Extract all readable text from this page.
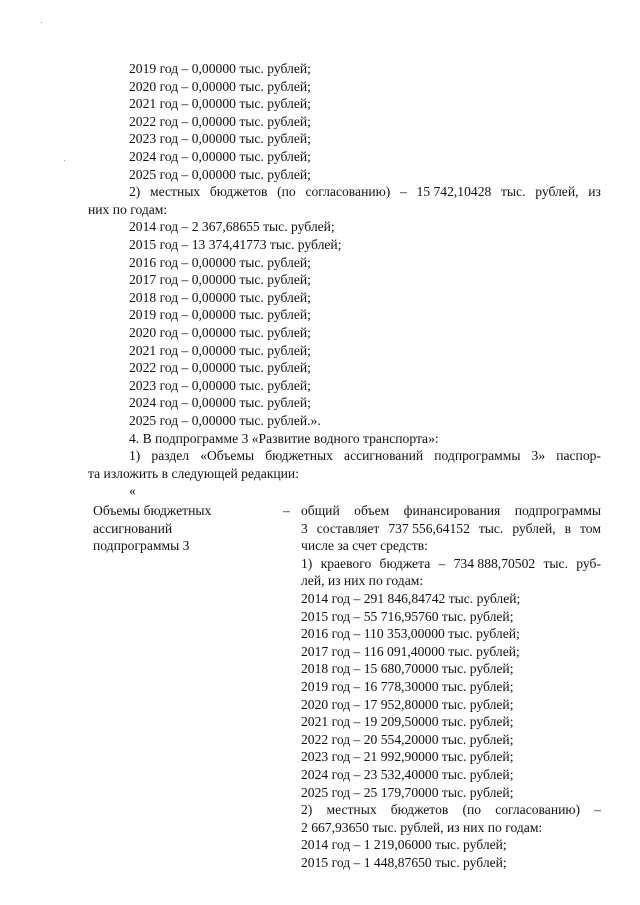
2019 год – 0,00000 тыс. рублей;
2020 год – 0,00000 тыс. рублей;
2021 год – 0,00000 тыс. рублей;
2022 год – 0,00000 тыс. рублей;
2023 год – 0,00000 тыс. рублей;
2024 год – 0,00000 тыс. рублей;
2025 год – 0,00000 тыс. рублей;
2) местных бюджетов (по согласованию) – 15 742,10428 тыс. рублей, из
них по годам:
2014 год – 2 367,68655 тыс. рублей;
2015 год – 13 374,41773 тыс. рублей;
2016 год – 0,00000 тыс. рублей;
2017 год – 0,00000 тыс. рублей;
2018 год – 0,00000 тыс. рублей;
2019 год – 0,00000 тыс. рублей;
2020 год – 0,00000 тыс. рублей;
2021 год – 0,00000 тыс. рублей;
2022 год – 0,00000 тыс. рублей;
2023 год – 0,00000 тыс. рублей;
2024 год – 0,00000 тыс. рублей;
2025 год – 0,00000 тыс. рублей.».
4. В подпрограмме 3 «Развитие водного транспорта»:
1) раздел «Объемы бюджетных ассигнований подпрограммы 3» паспор-
та изложить в следующей редакции:
«
Объемы бюджетных
ассигнований
подпрограммы 3
– общий объем финансирования подпрограммы
3 составляет 737 556,64152 тыс. рублей, в том
числе за счет средств:
1) краевого бюджета – 734 888,70502 тыс. руб-
лей, из них по годам:
2014 год – 291 846,84742 тыс. рублей;
2015 год – 55 716,95760 тыс. рублей;
2016 год – 110 353,00000 тыс. рублей;
2017 год – 116 091,40000 тыс. рублей;
2018 год – 15 680,70000 тыс. рублей;
2019 год – 16 778,30000 тыс. рублей;
2020 год – 17 952,80000 тыс. рублей;
2021 год – 19 209,50000 тыс. рублей;
2022 год – 20 554,20000 тыс. рублей;
2023 год – 21 992,90000 тыс. рублей;
2024 год – 23 532,40000 тыс. рублей;
2025 год – 25 179,70000 тыс. рублей;
2) местных бюджетов (по согласованию) –
2 667,93650 тыс. рублей, из них по годам:
2014 год – 1 219,06000 тыс. рублей;
2015 год – 1 448,87650 тыс. рублей;
